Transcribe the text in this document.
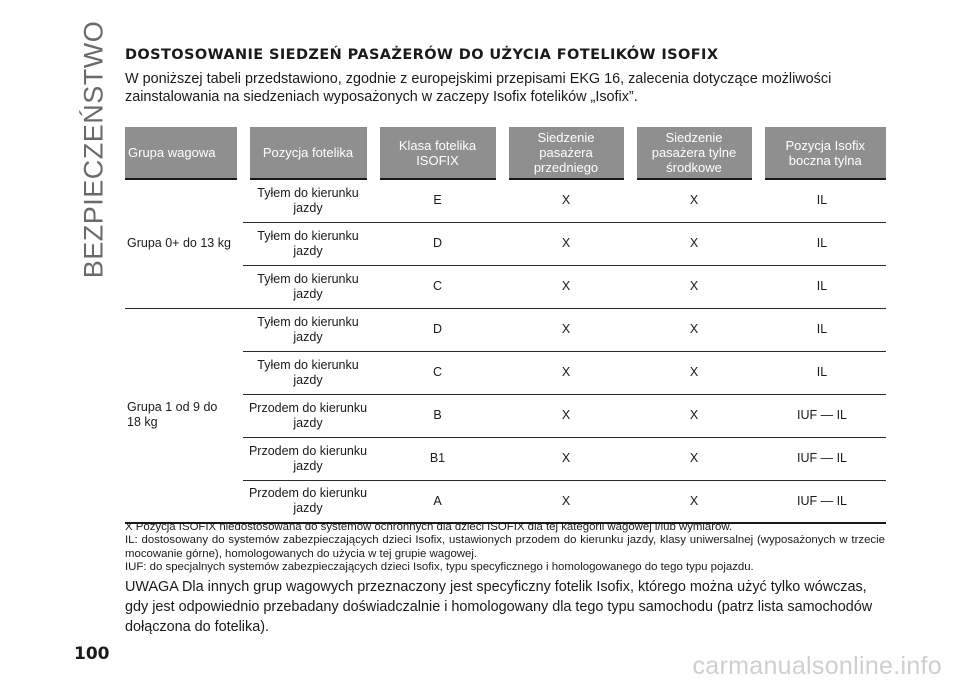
BEZPIECZEŃSTWO DOSTOSOWANIE SIEDZEŃ PASAŻERÓW DO UŻYCIA FOTELIKÓW ISOFIX

W poniższej tabeli przedstawiono, zgodnie z europejskimi przepisami EKG 16, zalecenia dotyczące możliwości zainstalowania na siedzeniach wyposażonych w zaczepy Isofix fotelików „Isofix”.

Grupa wagowa	Pozycja fotelika	Klasa fotelika ISOFIX	Siedzenie pasażera przedniego	Siedzenie pasażera tylne środkowe	Pozycja Isofix boczna tylna
Grupa 0+ do 13 kg	Tyłem do kierunku jazdy	E	X	X	IL
	Tyłem do kierunku jazdy	D	X	X	IL
	Tyłem do kierunku jazdy	C	X	X	IL
Grupa 1 od 9 do 18 kg	Tyłem do kierunku jazdy	D	X	X	IL
	Tyłem do kierunku jazdy	C	X	X	IL
	Przodem do kierunku jazdy	B	X	X	IUF — IL
	Przodem do kierunku jazdy	B1	X	X	IUF — IL
	Przodem do kierunku jazdy	A	X	X	IUF — IL

X Pozycja ISOFIX niedostosowana do systemów ochronnych dla dzieci ISOFIX dla tej kategorii wagowej i/lub wymiarów.

IL: dostosowany do systemów zabezpieczających dzieci Isofix, ustawionych przodem do kierunku jazdy, klasy uniwersalnej (wyposażonych w trzecie mocowanie górne), homologowanych do użycia w tej grupie wagowej.

IUF: do specjalnych systemów zabezpieczających dzieci Isofix, typu specyficznego i homologowanego do tego typu pojazdu.

UWAGA Dla innych grup wagowych przeznaczony jest specyficzny fotelik Isofix, którego można użyć tylko wówczas, gdy jest odpowiednio przebadany doświadczalnie i homologowany dla tego typu samochodu (patrz lista samochodów dołączona do fotelika).

100	carmanualsonline.info
